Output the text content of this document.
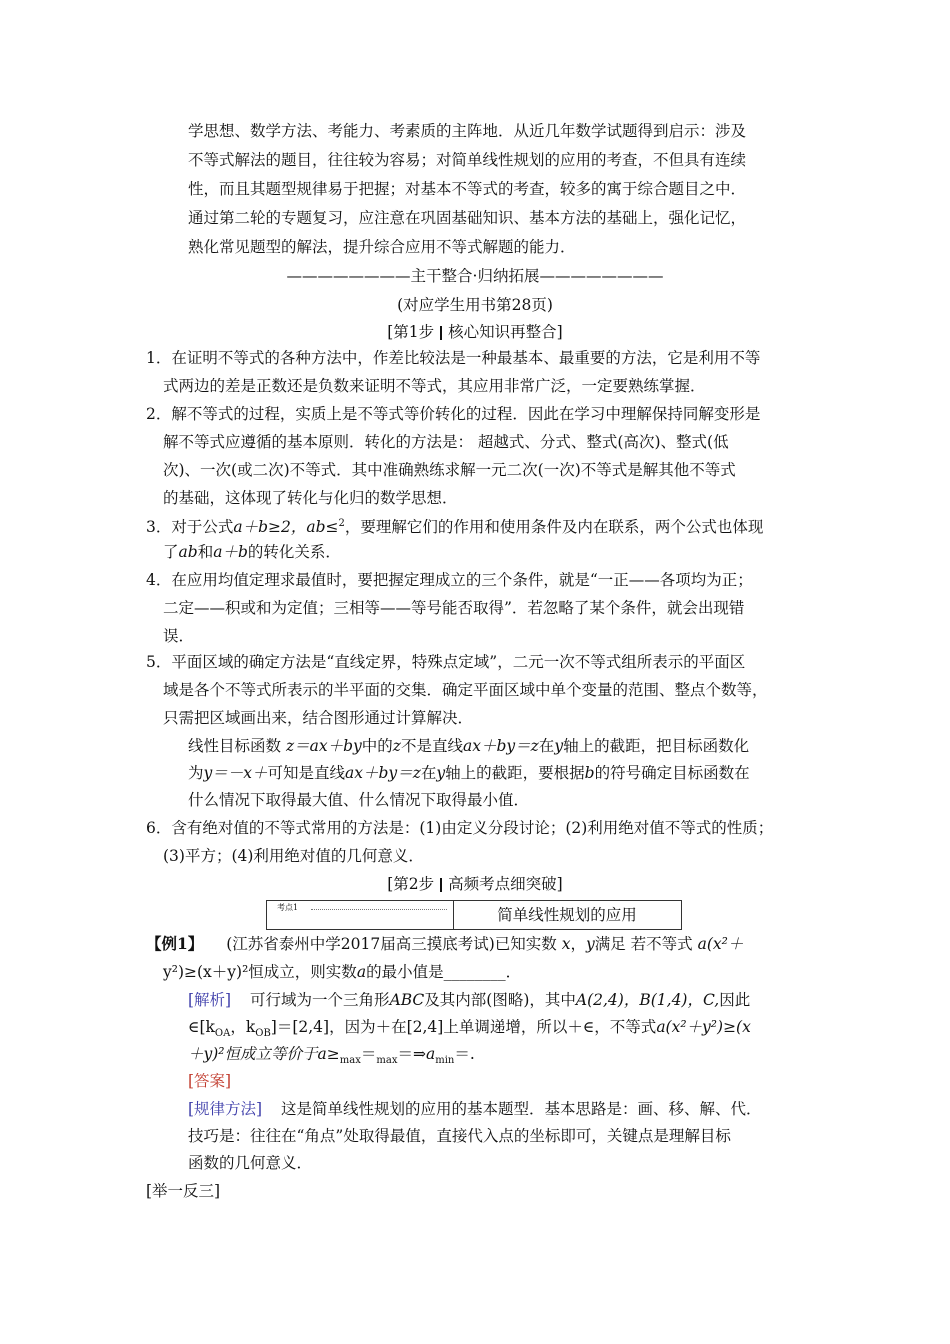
学思想、数学方法、考能力、考素质的主阵地．从近几年数学试题得到启示：涉及
不等式解法的题目，往往较为容易；对简单线性规划的应用的考查，不但具有连续
性，而且其题型规律易于把握；对基本不等式的考查，较多的寓于综合题目之中．
通过第二轮的专题复习，应注意在巩固基础知识、基本方法的基础上，强化记忆，
熟化常见题型的解法，提升综合应用不等式解题的能力．
————————主干整合·归纳拓展————————
(对应学生用书第28页)
[第1步 核心知识再整合]
1．在证明不等式的各种方法中，作差比较法是一种最基本、最重要的方法，它是利用不等
式两边的差是正数还是负数来证明不等式，其应用非常广泛，一定要熟练掌握．
2．解不等式的过程，实质上是不等式等价转化的过程．因此在学习中理解保持同解变形是
解不等式应遵循的基本原则．转化的方法是： 超越式、分式、整式(高次)、整式(低
次)、一次(或二次)不等式．其中准确熟练求解一元二次(一次)不等式是解其他不等式
的基础，这体现了转化与化归的数学思想．
3．对于公式a＋b≥2，ab≤$^2$，要理解它们的作用和使用条件及内在联系，两个公式也体现
了ab和a＋b的转化关系．
4．在应用均值定理求最值时，要把握定理成立的三个条件，就是“一正——各项均为正；
二定——积或和为定值；三相等——等号能否取得”．若忽略了某个条件，就会出现错
误．
5．平面区域的确定方法是“直线定界，特殊点定域”，二元一次不等式组所表示的平面区
域是各个不等式所表示的半平面的交集．确定平面区域中单个变量的范围、整点个数等，
只需把区域画出来，结合图形通过计算解决．
线性目标函数 z＝ax＋by中的z不是直线ax＋by＝z在y轴上的截距，把目标函数化
为y＝－x＋可知是直线ax＋by＝z在y轴上的截距，要根据b的符号确定目标函数在
什么情况下取得最大值、什么情况下取得最小值．
6．含有绝对值的不等式常用的方法是：(1)由定义分段讨论；(2)利用绝对值不等式的性质；
(3)平方；(4)利用绝对值的几何意义．
[第2步 高频考点细突破]
考点1	简单线性规划的应用
【例1】 (江苏省泰州中学2017届高三摸底考试)已知实数 x，y满足 若不等式 a(x²＋
y²)≥(x＋y)²恒成立，则实数a的最小值是________．
[解析] 可行域为一个三角形ABC及其内部(图略)，其中A(2,4)，B(1,4)，C,因此
$\in[k_{OA}$，$k_{OB}]=[2,4]$，因为＋在[2,4]上单调递增，所以＋∈，不等式a(x²＋y²)≥(x
＋y)²恒成立等价于$a\ge_{max}=_{max}=\Rightarrow a_{min}=$.
[答案]
[规律方法] 这是简单线性规划的应用的基本题型．基本思路是：画、移、解、代．
技巧是：往往在“角点”处取得最值，直接代入点的坐标即可，关键点是理解目标
函数的几何意义．
[举一反三]
